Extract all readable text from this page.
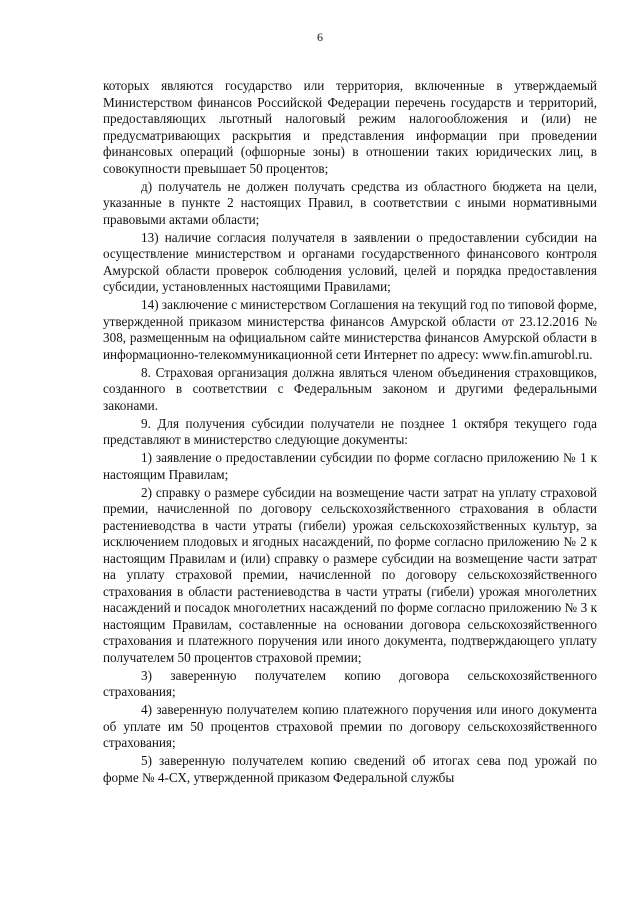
6

которых являются государство или территория, включенные в утверждаемый Министерством финансов Российской Федерации перечень государств и территорий, предоставляющих льготный налоговый режим налогообложения и (или) не предусматривающих раскрытия и представления информации при проведении финансовых операций (офшорные зоны) в отношении таких юридических лиц, в совокупности превышает 50 процентов;

д) получатель не должен получать средства из областного бюджета на цели, указанные в пункте 2 настоящих Правил, в соответствии с иными нормативными правовыми актами области;

13) наличие согласия получателя в заявлении о предоставлении субсидии на осуществление министерством и органами государственного финансового контроля Амурской области проверок соблюдения условий, целей и порядка предоставления субсидии, установленных настоящими Правилами;

14) заключение с министерством Соглашения на текущий год по типовой форме, утвержденной приказом министерства финансов Амурской области от 23.12.2016 № 308, размещенным на официальном сайте министерства финансов Амурской области в информационно-телекоммуникационной сети Интернет по адресу: www.fin.amurobl.ru.

8. Страховая организация должна являться членом объединения страховщиков, созданного в соответствии с Федеральным законом и другими федеральными законами.

9. Для получения субсидии получатели не позднее 1 октября текущего года представляют в министерство следующие документы:

1) заявление о предоставлении субсидии по форме согласно приложению № 1 к настоящим Правилам;

2) справку о размере субсидии на возмещение части затрат на уплату страховой премии, начисленной по договору сельскохозяйственного страхования в области растениеводства в части утраты (гибели) урожая сельскохозяйственных культур, за исключением плодовых и ягодных насаждений, по форме согласно приложению № 2 к настоящим Правилам и (или) справку о размере субсидии на возмещение части затрат на уплату страховой премии, начисленной по договору сельскохозяйственного страхования в области растениеводства в части утраты (гибели) урожая многолетних насаждений и посадок многолетних насаждений по форме согласно приложению № 3 к настоящим Правилам, составленные на основании договора сельскохозяйственного страхования и платежного поручения или иного документа, подтверждающего уплату получателем 50 процентов страховой премии;

3) заверенную получателем копию договора сельскохозяйственного страхования;

4) заверенную получателем копию платежного поручения или иного документа об уплате им 50 процентов страховой премии по договору сельскохозяйственного страхования;

5) заверенную получателем копию сведений об итогах сева под урожай по форме № 4-СХ, утвержденной приказом Федеральной службы
